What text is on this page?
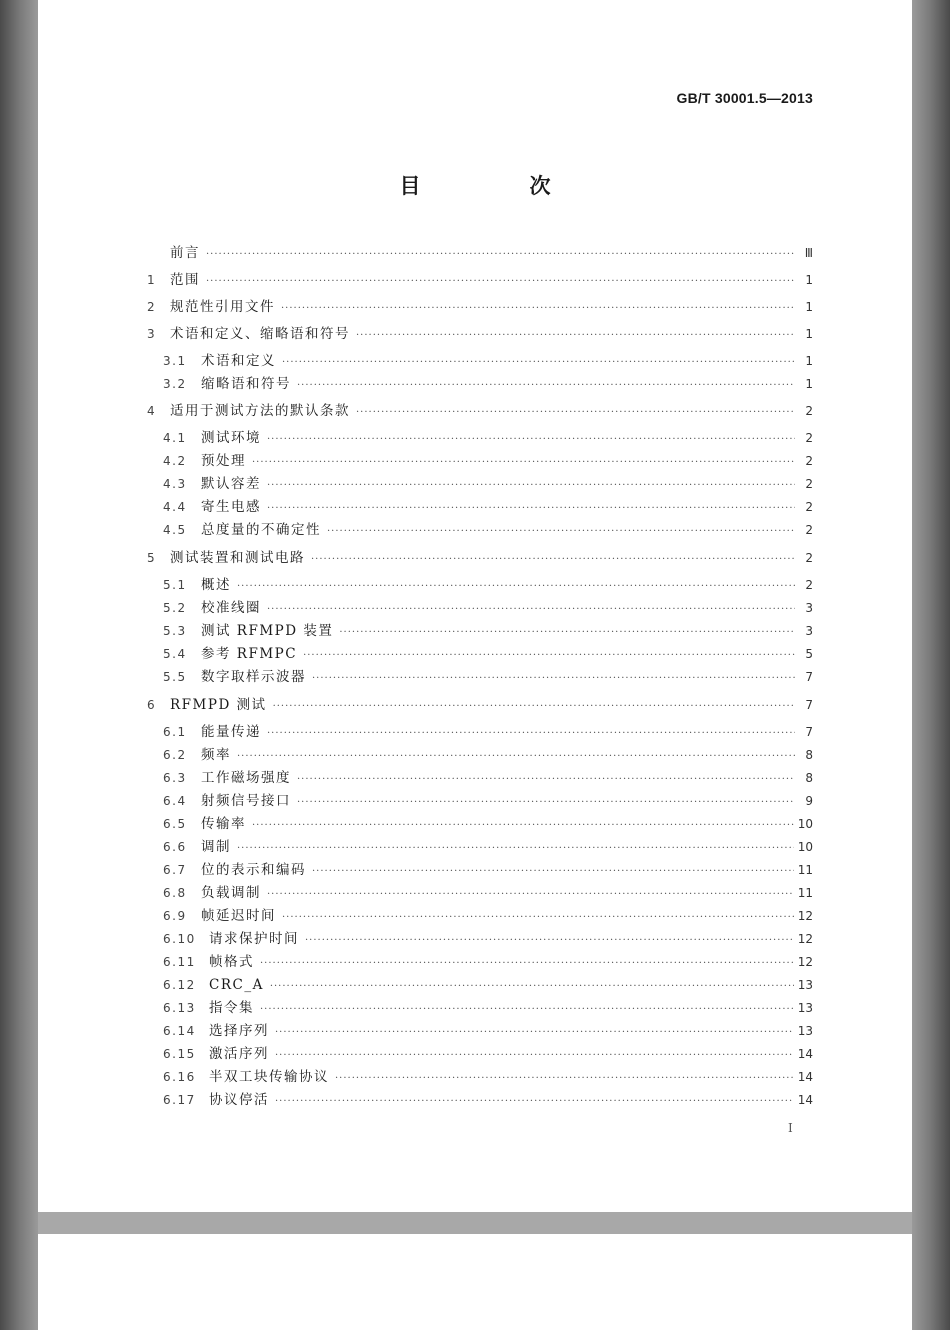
GB/T 30001.5—2013
目　次
前言 ·····	Ⅲ
1	范围 ·····	1
2	规范性引用文件 ·····	1
3	术语和定义、缩略语和符号 ·····	1
3.1	术语和定义 ·····	1
3.2	缩略语和符号 ·····	1
4	适用于测试方法的默认条款 ·····	2
4.1	测试环境 ·····	2
4.2	预处理 ·····	2
4.3	默认容差 ·····	2
4.4	寄生电感 ·····	2
4.5	总度量的不确定性 ·····	2
5	测试装置和测试电路 ·····	2
5.1	概述 ·····	2
5.2	校准线圈 ·····	3
5.3	测试 RFMPD 装置 ·····	3
5.4	参考 RFMPC ·····	5
5.5	数字取样示波器 ·····	7
6	RFMPD 测试 ·····	7
6.1	能量传递 ·····	7
6.2	频率 ·····	8
6.3	工作磁场强度 ·····	8
6.4	射频信号接口 ·····	9
6.5	传输率 ·····	10
6.6	调制 ·····	10
6.7	位的表示和编码 ·····	11
6.8	负载调制 ·····	11
6.9	帧延迟时间 ·····	12
6.10 请求保护时间 ·····	12
6.11 帧格式 ·····	12
6.12 CRC_A ·····	13
6.13 指令集 ·····	13
6.14 选择序列 ·····	13
6.15 激活序列 ·····	14
6.16 半双工块传输协议 ·····	14
6.17 协议停活 ·····	14
I
